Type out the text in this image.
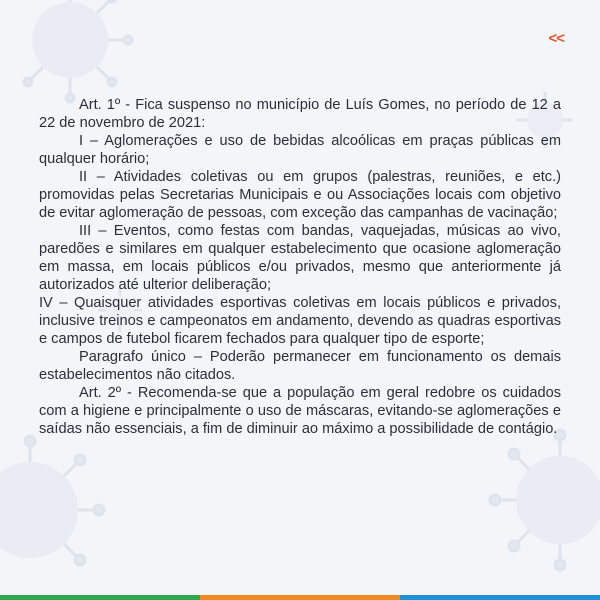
<<

Art. 1º - Fica suspenso no município de Luís Gomes, no período de 12 a 22 de novembro de 2021:

I – Aglomerações e uso de bebidas alcoólicas em praças públicas em qualquer horário;

II – Atividades coletivas ou em grupos (palestras, reuniões, e etc.) promovidas pelas Secretarias Municipais e ou Associações locais com objetivo de evitar aglomeração de pessoas, com exceção das campanhas de vacinação;

III – Eventos, como festas com bandas, vaquejadas, músicas ao vivo, paredões e similares em qualquer estabelecimento que ocasione aglomeração em massa, em locais públicos e/ou privados, mesmo que anteriormente já autorizados até ulterior deliberação;

IV – Quaisquer atividades esportivas coletivas em locais públicos e privados, inclusive treinos e campeonatos em andamento, devendo as quadras esportivas e campos de futebol ficarem fechados para qualquer tipo de esporte;

Paragrafo único – Poderão permanecer em funcionamento os demais estabelecimentos não citados.

Art. 2º - Recomenda-se que a população em geral redobre os cuidados com a higiene e principalmente o uso de máscaras, evitando-se aglomerações e saídas não essenciais, a fim de diminuir ao máximo a possibilidade de contágio.
